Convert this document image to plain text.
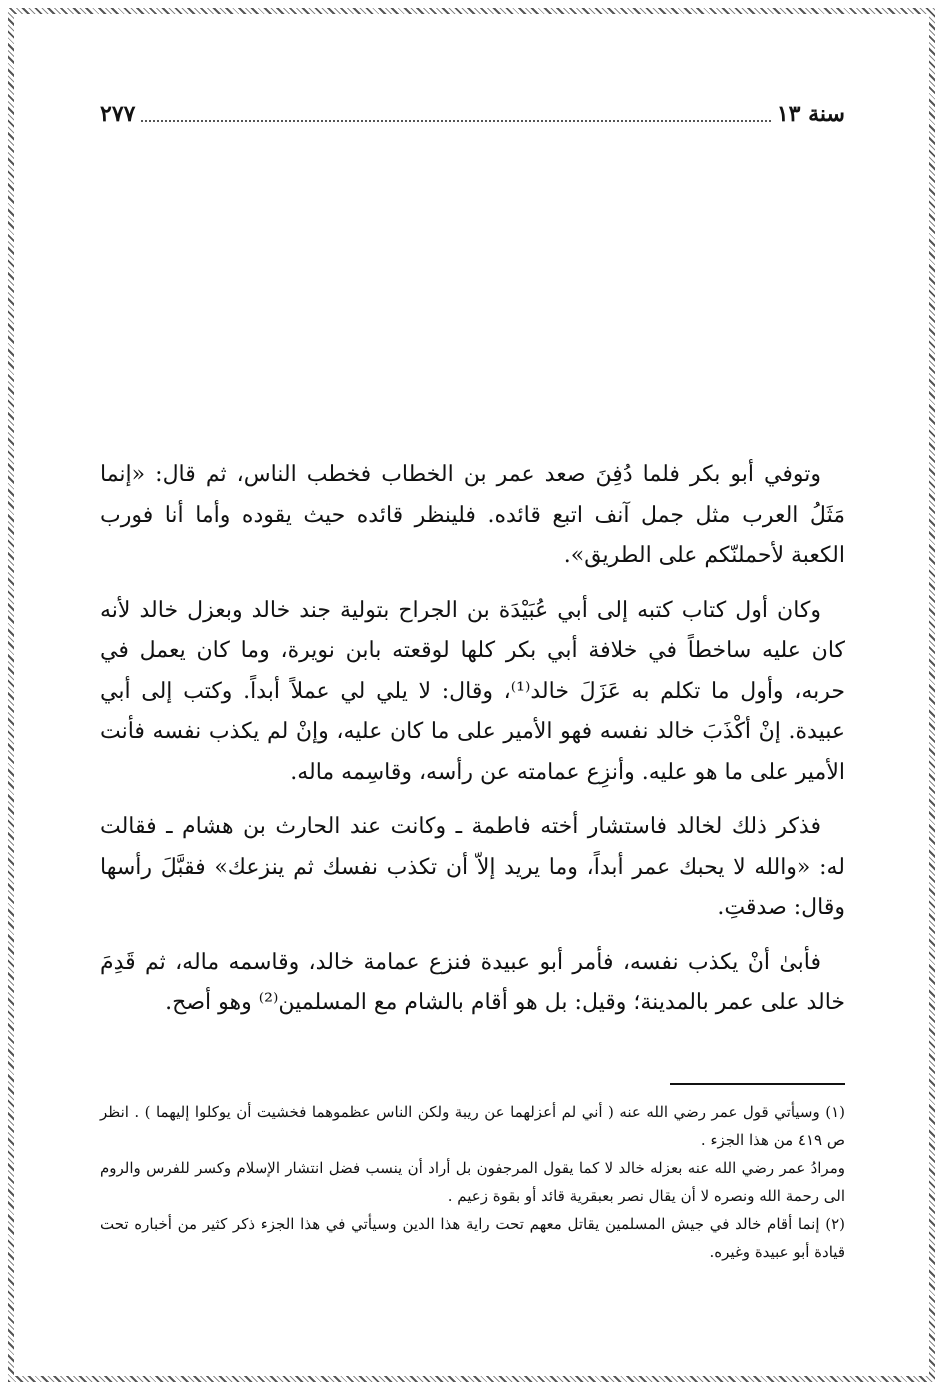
سنة ١٣
٢٧٧

وتوفي أبو بكر فلما دُفِنَ صعد عمر بن الخطاب فخطب الناس، ثم قال: «إنما مَثَلُ العرب مثل جمل آنف اتبع قائده. فلينظر قائده حيث يقوده وأما أنا فورب الكعبة لأحملنّكم على الطريق».

وكان أول كتاب كتبه إلى أبي عُبَيْدَة بن الجراح بتولية جند خالد وبعزل خالد لأنه كان عليه ساخطاً في خلافة أبي بكر كلها لوقعته بابن نويرة، وما كان يعمل في حربه، وأول ما تكلم به عَزَلَ خالد⁽¹⁾، وقال: لا يلي لي عملاً أبداً. وكتب إلى أبي عبيدة. إنْ أكْذَبَ خالد نفسه فهو الأمير على ما كان عليه، وإنْ لم يكذب نفسه فأنت الأمير على ما هو عليه. وأنزِع عمامته عن رأسه، وقاسِمه ماله.

فذكر ذلك لخالد فاستشار أخته فاطمة ـ وكانت عند الحارث بن هشام ـ فقالت له: «والله لا يحبك عمر أبداً، وما يريد إلاّ أن تكذب نفسك ثم ينزعك» فقبَّلَ رأسها وقال: صدقتِ.

فأبىٰ أنْ يكذب نفسه، فأمر أبو عبيدة فنزع عمامة خالد، وقاسمه ماله، ثم قَدِمَ خالد على عمر بالمدينة؛ وقيل: بل هو أقام بالشام مع المسلمين⁽²⁾ وهو أصح.

(١) وسيأتي قول عمر رضي الله عنه ( أني لم أعزلهما عن ريبة ولكن الناس عظموهما فخشيت أن يوكلوا إليهما ) . انظر ص ٤١٩ من هذا الجزء .

ومرادُ عمر رضي الله عنه بعزله خالد لا كما يقول المرجفون بل أراد أن ينسب فضل انتشار الإسلام وكسر للفرس والروم الى رحمة الله ونصره لا أن يقال نصر بعبقرية قائد أو بقوة زعيم .

(٢) إنما أقام خالد في جيش المسلمين يقاتل معهم تحت راية هذا الدين وسيأتي في هذا الجزء ذكر كثير من أخباره تحت قيادة أبو عبيدة وغيره.
